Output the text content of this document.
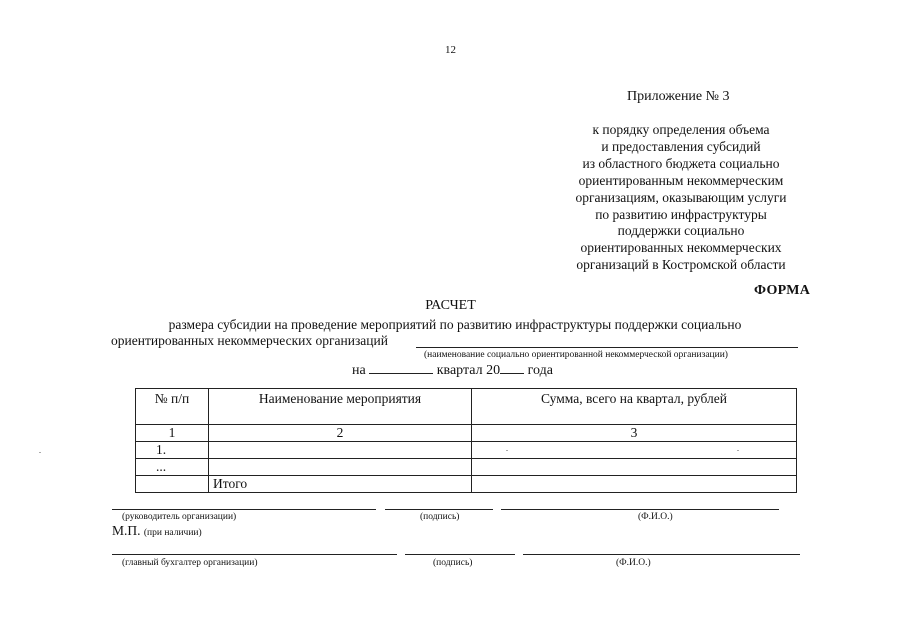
12
Приложение № 3
к порядку определения объема
и предоставления субсидий
из областного бюджета социально
ориентированным некоммерческим
организациям, оказывающим услуги
по развитию инфраструктуры
поддержки социально
ориентированных некоммерческих
организаций в Костромской области
ФОРМА
РАСЧЕТ
размера субсидии на проведение мероприятий по развитию инфраструктуры поддержки социально
ориентированных некоммерческих организаций
(наименование социально ориентированной некоммерческой организации)
на	квартал 20 года
№ п/п	Наименование мероприятия	Сумма, всего на квартал, рублей
1	2	3
1.		
...		
	Итого	
(руководитель организации)	(подпись)	(Ф.И.О.)
М.П. (при наличии)
(главный бухгалтер организации)	(подпись)	(Ф.И.О.)
